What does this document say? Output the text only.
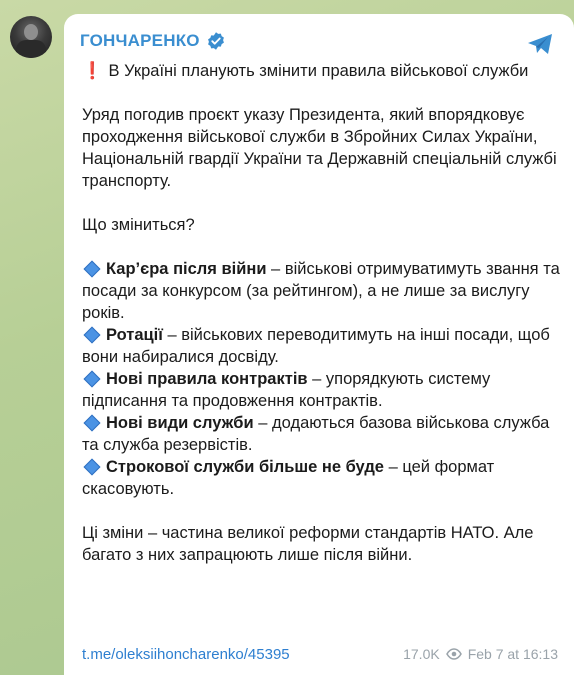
ГОНЧАРЕНКО

❗ В Україні планують змінити правила військової служби

Уряд погодив проєкт указу Президента, який впорядковує проходження військової служби в Збройних Силах України, Національній гвардії України та Державній спеціальній службі транспорту.

Що зміниться?

Кар’єра після війни – військові отримуватимуть звання та посади за конкурсом (за рейтингом), а не лише за вислугу років.

Ротації – військових переводитимуть на інші посади, щоб вони набиралися досвіду.

Нові правила контрактів – упорядкують систему підписання та продовження контрактів.

Нові види служби – додаються базова військова служба та служба резервістів.

Строкової служби більше не буде – цей формат скасовують.

Ці зміни – частина великої реформи стандартів НАТО. Але багато з них запрацюють лише після війни.

t.me/oleksiihoncharenko/45395	17.0K Feb 7 at 16:13
